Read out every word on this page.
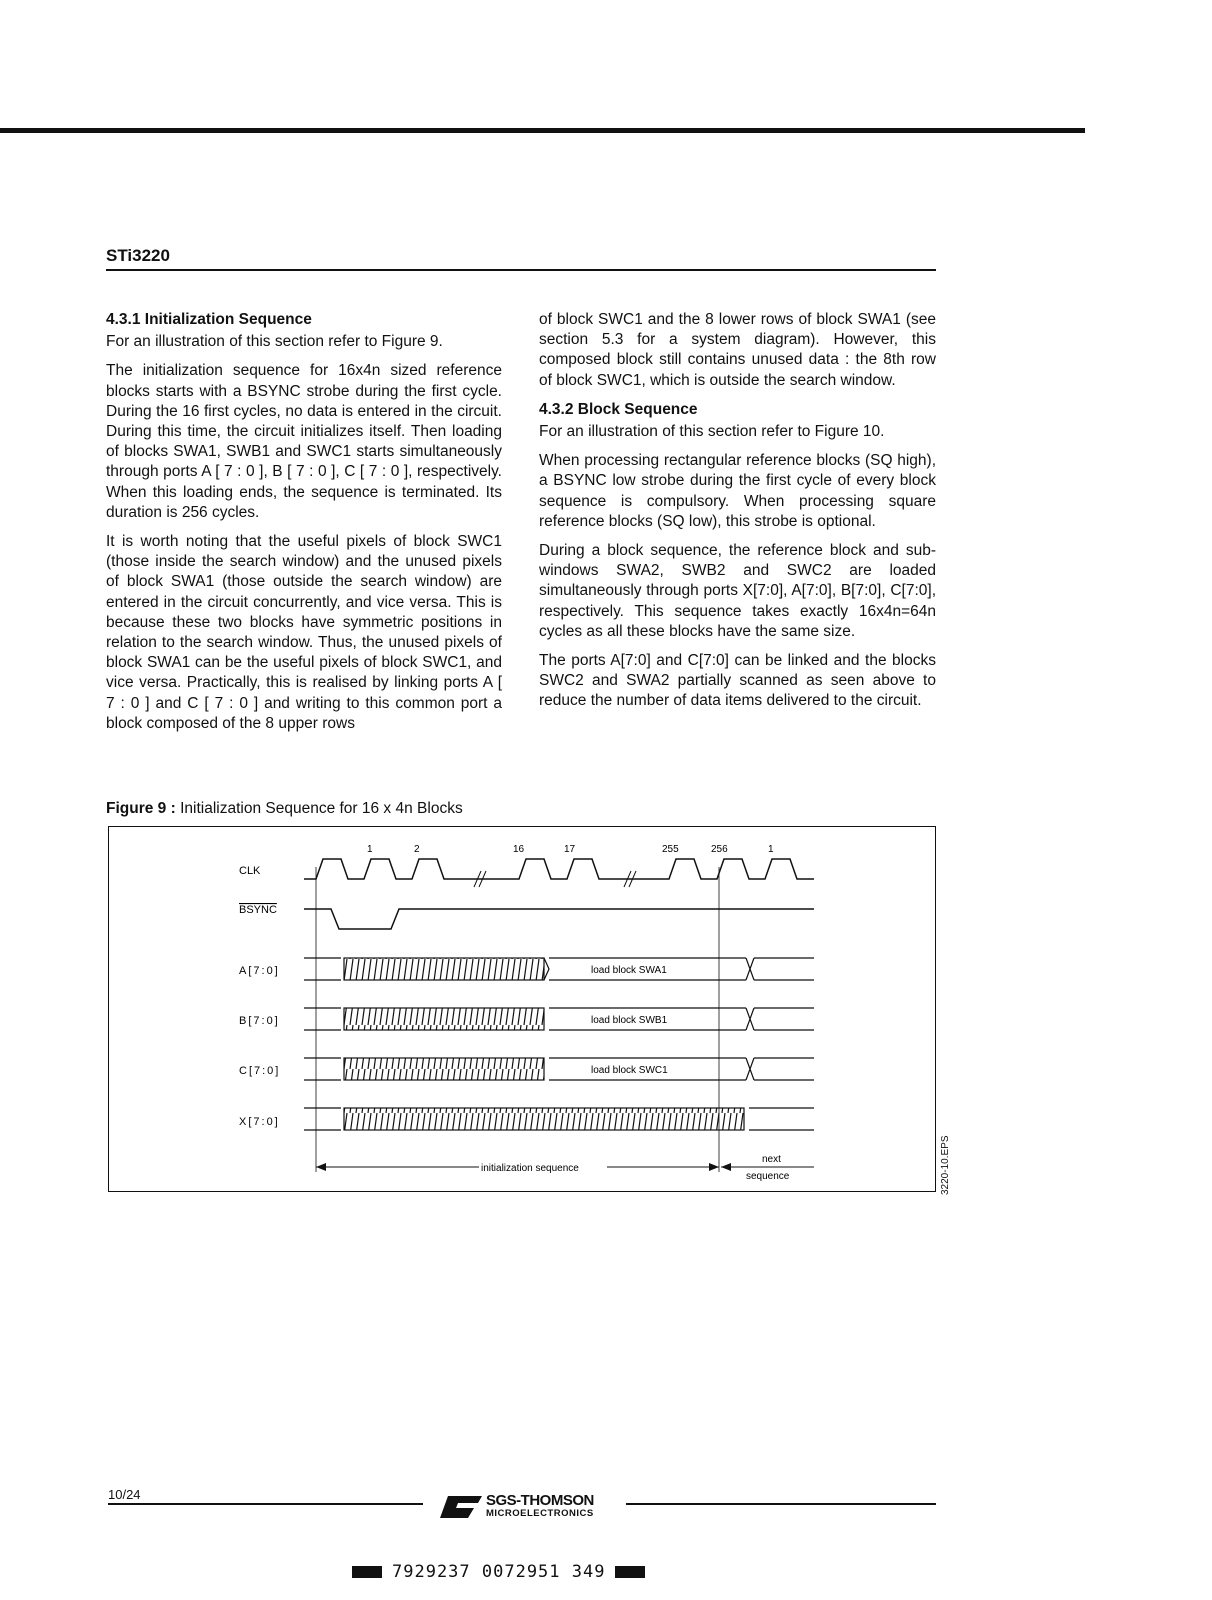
STi3220
4.3.1 Initialization Sequence

For an illustration of this section refer to Figure 9.

The initialization sequence for 16x4n sized reference blocks starts with a BSYNC strobe during the first cycle. During the 16 first cycles, no data is entered in the circuit. During this time, the circuit initializes itself. Then loading of blocks SWA1, SWB1 and SWC1 starts simultaneously through ports A [ 7 : 0 ], B [ 7 : 0 ], C [ 7 : 0 ], respectively. When this loading ends, the sequence is terminated. Its duration is 256 cycles.

It is worth noting that the useful pixels of block SWC1 (those inside the search window) and the unused pixels of block SWA1 (those outside the search window) are entered in the circuit concurrently, and vice versa. This is because these two blocks have symmetric positions in relation to the search window. Thus, the unused pixels of block SWA1 can be the useful pixels of block SWC1, and vice versa. Practically, this is realised by linking ports A [ 7 : 0 ] and C [ 7 : 0 ] and writing to this common port a block composed of the 8 upper rows

of block SWC1 and the 8 lower rows of block SWA1 (see section 5.3 for a system diagram). However, this composed block still contains unused data : the 8th row of block SWC1, which is outside the search window.

4.3.2 Block Sequence

For an illustration of this section refer to Figure 10.

When processing rectangular reference blocks (SQ high), a BSYNC low strobe during the first cycle of every block sequence is compulsory. When processing square reference blocks (SQ low), this strobe is optional.

During a block sequence, the reference block and sub-windows SWA2, SWB2 and SWC2 are loaded simultaneously through ports X[7:0], A[7:0], B[7:0], C[7:0], respectively. This sequence takes exactly 16x4n=64n cycles as all these blocks have the same size.

The ports A[7:0] and C[7:0] can be linked and the blocks SWC2 and SWA2 partially scanned as seen above to reduce the number of data items delivered to the circuit.

Figure 9 : Initialization Sequence for 16 x 4n Blocks
CLK
BSYNC
A[7:0]
B[7:0]
C[7:0]
X[7:0]
1	2	16	17	255	256	1
load block SWA1
load block SWB1
load block SWC1
initialization sequence
next
sequence	3220-10.EPS
10/24	SGS-THOMSON
MICROELECTRONICS
7929237 0072951 349
